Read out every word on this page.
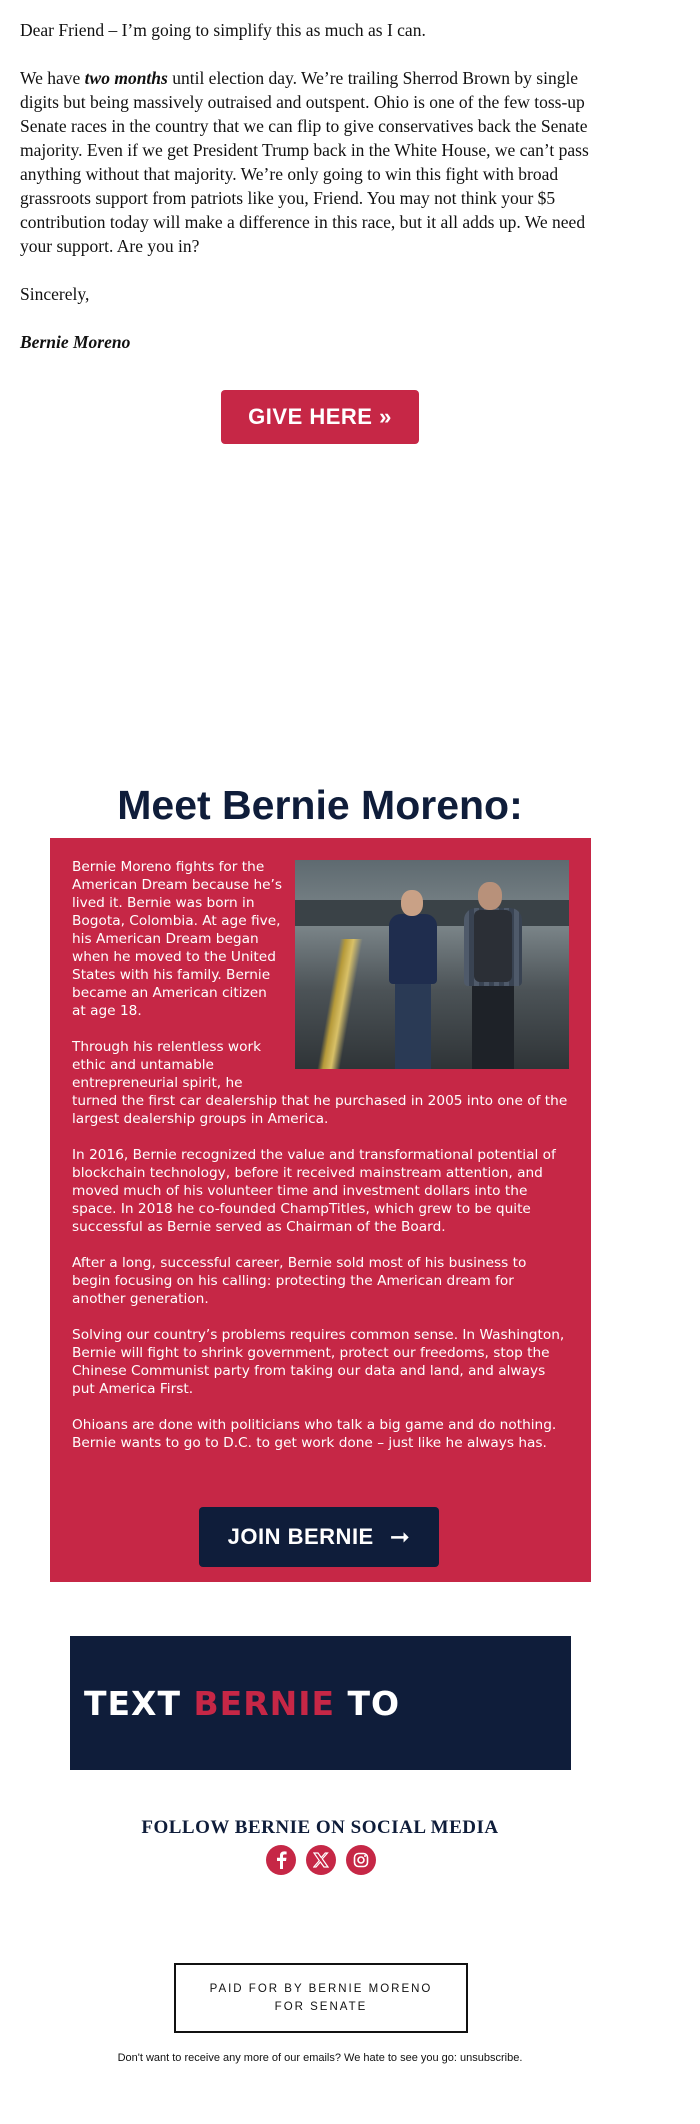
Dear Friend – I’m going to simplify this as much as I can.

We have two months until election day. We’re trailing Sherrod Brown by single digits but being massively outraised and outspent. Ohio is one of the few toss-up Senate races in the country that we can flip to give conservatives back the Senate majority. Even if we get President Trump back in the White House, we can’t pass anything without that majority. We’re only going to win this fight with broad grassroots support from patriots like you, Friend. You may not think your $5 contribution today will make a difference in this race, but it all adds up. We need your support. Are you in?

Sincerely,

Bernie Moreno

GIVE HERE »
Meet Bernie Moreno:

Bernie Moreno fights for the American Dream because he’s lived it. Bernie was born in Bogota, Colombia. At age five, his American Dream began when he moved to the United States with his family. Bernie became an American citizen at age 18.

Through his relentless work ethic and untamable entrepreneurial spirit, he turned the first car dealership that he purchased in 2005 into one of the largest dealership groups in America.

In 2016, Bernie recognized the value and transformational potential of blockchain technology, before it received mainstream attention, and moved much of his volunteer time and investment dollars into the space. In 2018 he co-founded ChampTitles, which grew to be quite successful as Bernie served as Chairman of the Board.

After a long, successful career, Bernie sold most of his business to begin focusing on his calling: protecting the American dream for another generation.

Solving our country’s problems requires common sense. In Washington, Bernie will fight to shrink government, protect our freedoms, stop the Chinese Communist party from taking our data and land, and always put America First.

Ohioans are done with politicians who talk a big game and do nothing. Bernie wants to go to D.C. to get work done – just like he always has.

JOIN BERNIE ➞
TEXT BERNIE TO
FOLLOW BERNIE ON SOCIAL MEDIA
PAID FOR BY BERNIE MORENO FOR SENATE
Don't want to receive any more of our emails? We hate to see you go: unsubscribe.
